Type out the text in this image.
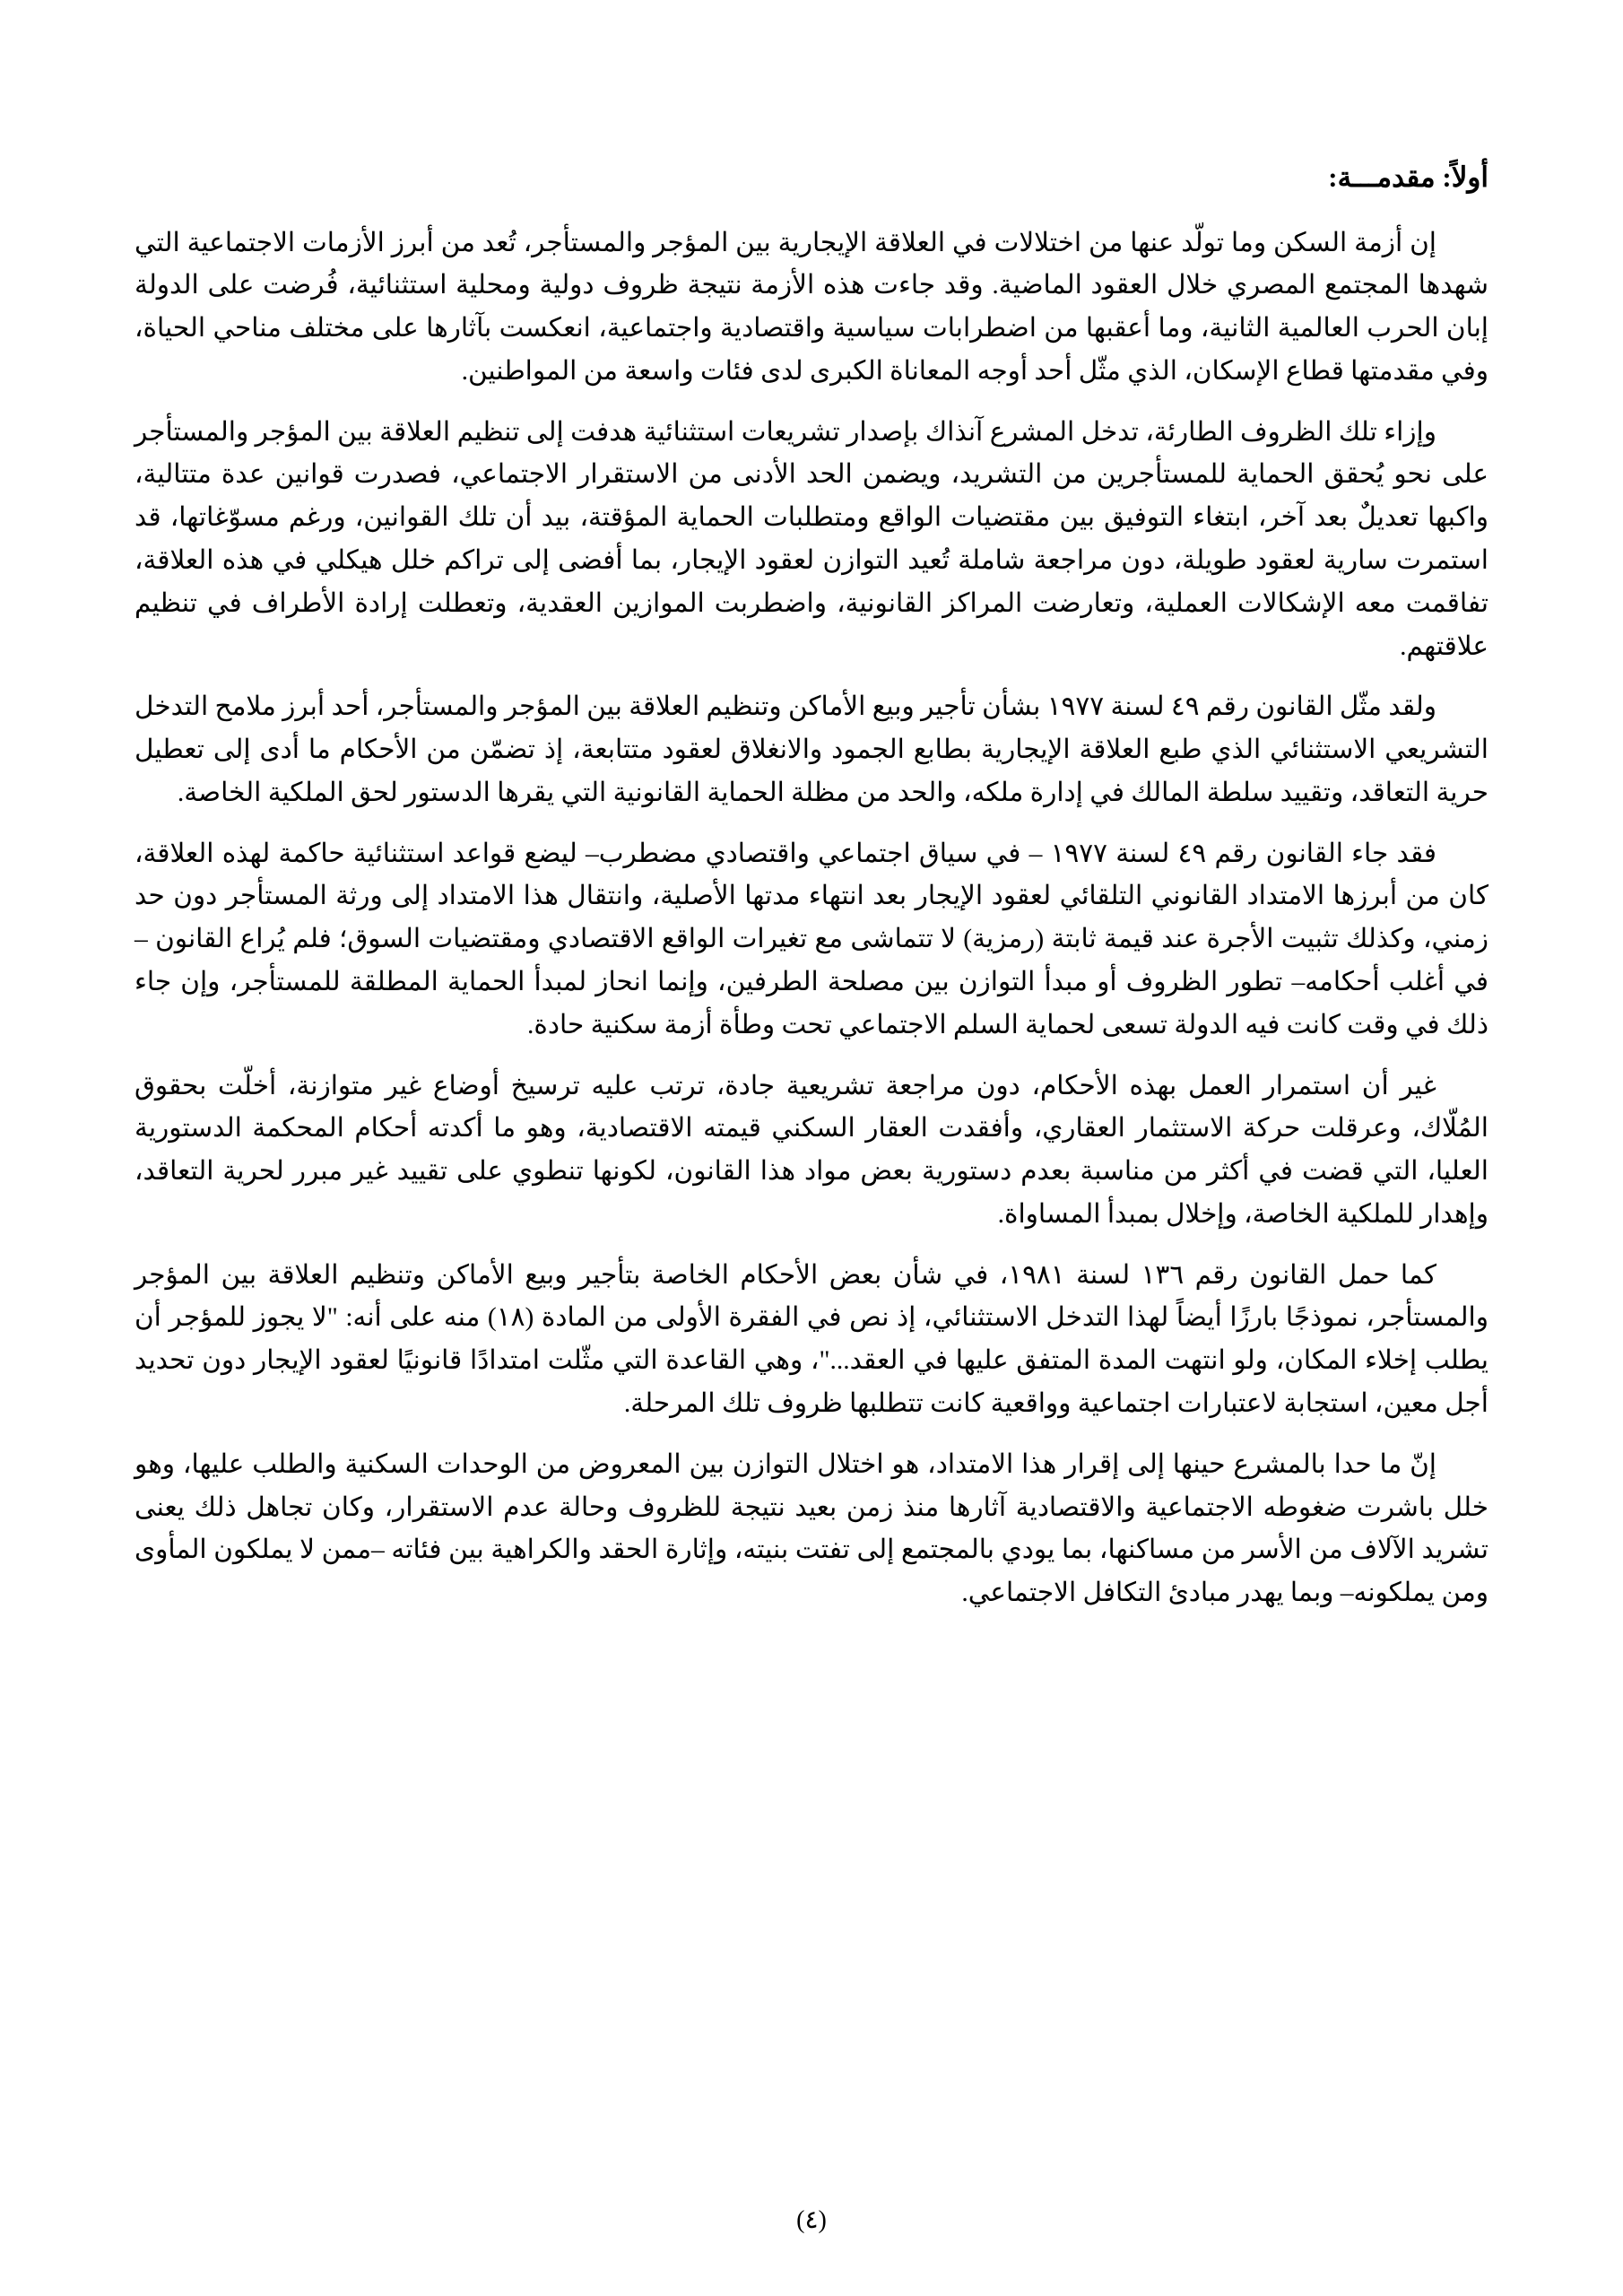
أولاً: مقدمـــة:

إن أزمة السكن وما تولّد عنها من اختلالات في العلاقة الإيجارية بين المؤجر والمستأجر، تُعد من أبرز الأزمات الاجتماعية التي شهدها المجتمع المصري خلال العقود الماضية. وقد جاءت هذه الأزمة نتيجة ظروف دولية ومحلية استثنائية، فُرضت على الدولة إبان الحرب العالمية الثانية، وما أعقبها من اضطرابات سياسية واقتصادية واجتماعية، انعكست بآثارها على مختلف مناحي الحياة، وفي مقدمتها قطاع الإسكان، الذي مثّل أحد أوجه المعاناة الكبرى لدى فئات واسعة من المواطنين.

وإزاء تلك الظروف الطارئة، تدخل المشرع آنذاك بإصدار تشريعات استثنائية هدفت إلى تنظيم العلاقة بين المؤجر والمستأجر على نحو يُحقق الحماية للمستأجرين من التشريد، ويضمن الحد الأدنى من الاستقرار الاجتماعي، فصدرت قوانين عدة متتالية، واكبها تعديلٌ بعد آخر، ابتغاء التوفيق بين مقتضيات الواقع ومتطلبات الحماية المؤقتة، بيد أن تلك القوانين، ورغم مسوّغاتها، قد استمرت سارية لعقود طويلة، دون مراجعة شاملة تُعيد التوازن لعقود الإيجار، بما أفضى إلى تراكم خلل هيكلي في هذه العلاقة، تفاقمت معه الإشكالات العملية، وتعارضت المراكز القانونية، واضطربت الموازين العقدية، وتعطلت إرادة الأطراف في تنظيم علاقتهم.

ولقد مثّل القانون رقم ٤٩ لسنة ١٩٧٧ بشأن تأجير وبيع الأماكن وتنظيم العلاقة بين المؤجر والمستأجر، أحد أبرز ملامح التدخل التشريعي الاستثنائي الذي طبع العلاقة الإيجارية بطابع الجمود والانغلاق لعقود متتابعة، إذ تضمّن من الأحكام ما أدى إلى تعطيل حرية التعاقد، وتقييد سلطة المالك في إدارة ملكه، والحد من مظلة الحماية القانونية التي يقرها الدستور لحق الملكية الخاصة.

فقد جاء القانون رقم ٤٩ لسنة ١٩٧٧ – في سياق اجتماعي واقتصادي مضطرب– ليضع قواعد استثنائية حاكمة لهذه العلاقة، كان من أبرزها الامتداد القانوني التلقائي لعقود الإيجار بعد انتهاء مدتها الأصلية، وانتقال هذا الامتداد إلى ورثة المستأجر دون حد زمني، وكذلك تثبيت الأجرة عند قيمة ثابتة (رمزية) لا تتماشى مع تغيرات الواقع الاقتصادي ومقتضيات السوق؛ فلم يُراع القانون –في أغلب أحكامه– تطور الظروف أو مبدأ التوازن بين مصلحة الطرفين، وإنما انحاز لمبدأ الحماية المطلقة للمستأجر، وإن جاء ذلك في وقت كانت فيه الدولة تسعى لحماية السلم الاجتماعي تحت وطأة أزمة سكنية حادة.

غير أن استمرار العمل بهذه الأحكام، دون مراجعة تشريعية جادة، ترتب عليه ترسيخ أوضاع غير متوازنة، أخلّت بحقوق المُلّاك، وعرقلت حركة الاستثمار العقاري، وأفقدت العقار السكني قيمته الاقتصادية، وهو ما أكدته أحكام المحكمة الدستورية العليا، التي قضت في أكثر من مناسبة بعدم دستورية بعض مواد هذا القانون، لكونها تنطوي على تقييد غير مبرر لحرية التعاقد، وإهدار للملكية الخاصة، وإخلال بمبدأ المساواة.

كما حمل القانون رقم ١٣٦ لسنة ١٩٨١، في شأن بعض الأحكام الخاصة بتأجير وبيع الأماكن وتنظيم العلاقة بين المؤجر والمستأجر، نموذجًا بارزًا أيضاً لهذا التدخل الاستثنائي، إذ نص في الفقرة الأولى من المادة (١٨) منه على أنه: "لا يجوز للمؤجر أن يطلب إخلاء المكان، ولو انتهت المدة المتفق عليها في العقد..."، وهي القاعدة التي مثّلت امتدادًا قانونيًا لعقود الإيجار دون تحديد أجل معين، استجابة لاعتبارات اجتماعية وواقعية كانت تتطلبها ظروف تلك المرحلة.

إنّ ما حدا بالمشرع حينها إلى إقرار هذا الامتداد، هو اختلال التوازن بين المعروض من الوحدات السكنية والطلب عليها، وهو خلل باشرت ضغوطه الاجتماعية والاقتصادية آثارها منذ زمن بعيد نتيجة للظروف وحالة عدم الاستقرار، وكان تجاهل ذلك يعنى تشريد الآلاف من الأسر من مساكنها، بما يودي بالمجتمع إلى تفتت بنيته، وإثارة الحقد والكراهية بين فئاته –ممن لا يملكون المأوى ومن يملكونه– وبما يهدر مبادئ التكافل الاجتماعي.

(٤)
